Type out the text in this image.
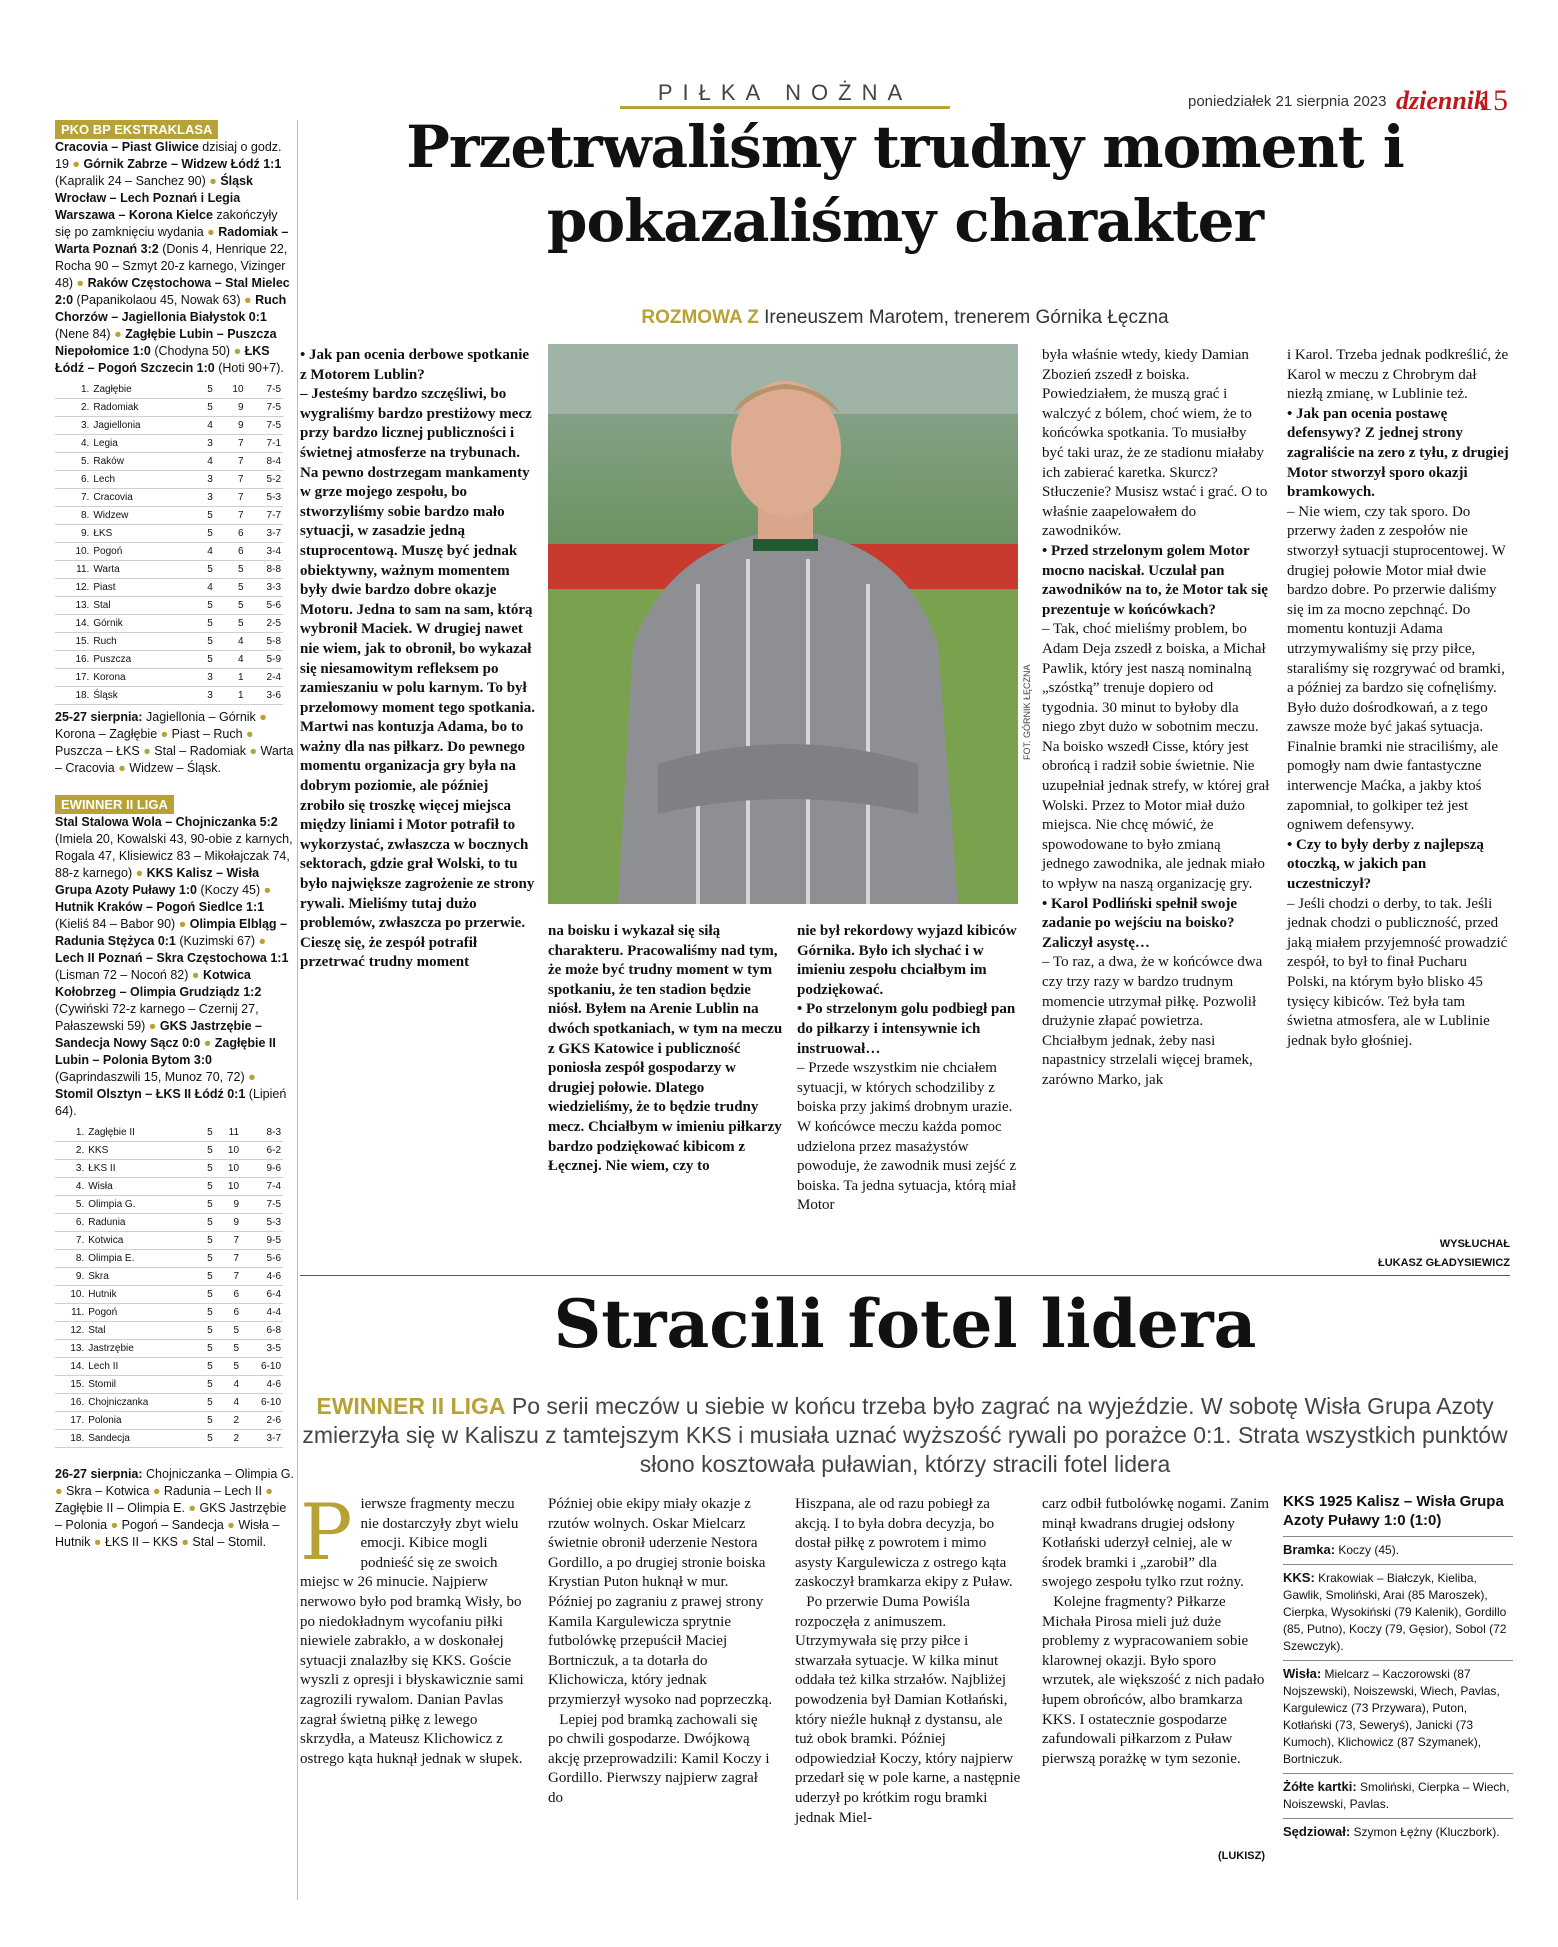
PIŁKA NOŻNA	poniedziałek 21 sierpnia 2023 dziennik
15
PKO BP EKSTRAKLASA
Cracovia – Piast Gliwice dzisiaj o godz. 19 ● Górnik Zabrze – Widzew Łódź 1:1 (Kapralik 24 – Sanchez 90) ● Śląsk Wrocław – Lech Poznań i Legia Warszawa – Korona Kielce zakończyły się po zamknięciu wydania ● Radomiak – Warta Poznań 3:2 (Donis 4, Henrique 22, Rocha 90 – Szmyt 20-z karnego, Vizinger 48) ● Raków Częstochowa – Stal Mielec 2:0 (Papanikolaou 45, Nowak 63) ● Ruch Chorzów – Jagiellonia Białystok 0:1 (Nene 84) ● Zagłębie Lubin – Puszcza Niepołomice 1:0 (Chodyna 50) ● ŁKS Łódź – Pogoń Szczecin 1:0 (Hoti 90+7).
1.	Zagłębie	5	10	7-5
2.	Radomiak	5	9	7-5
3.	Jagiellonia	4	9	7-5
4.	Legia	3	7	7-1
5.	Raków	4	7	8-4
6.	Lech	3	7	5-2
7.	Cracovia	3	7	5-3
8.	Widzew	5	7	7-7
9.	ŁKS	5	6	3-7
10.	Pogoń	4	6	3-4
11.	Warta	5	5	8-8
12.	Piast	4	5	3-3
13.	Stal	5	5	5-6
14.	Górnik	5	5	2-5
15.	Ruch	5	4	5-8
16.	Puszcza	5	4	5-9
17.	Korona	3	1	2-4
18.	Śląsk	3	1	3-6
25-27 sierpnia: Jagiellonia – Górnik ● Korona – Zagłębie ● Piast – Ruch ● Puszcza – ŁKS ● Stal – Radomiak ● Warta – Cracovia ● Widzew – Śląsk.
EWINNER II LIGA
Stal Stalowa Wola – Chojniczanka 5:2 (Imiela 20, Kowalski 43, 90-obie z karnych, Rogala 47, Klisiewicz 83 – Mikołajczak 74, 88-z karnego) ● KKS Kalisz – Wisła Grupa Azoty Puławy 1:0 (Koczy 45) ● Hutnik Kraków – Pogoń Siedlce 1:1 (Kieliś 84 – Babor 90) ● Olimpia Elbląg – Radunia Stężyca 0:1 (Kuzimski 67) ● Lech II Poznań – Skra Częstochowa 1:1 (Lisman 72 – Nocoń 82) ● Kotwica Kołobrzeg – Olimpia Grudziądz 1:2 (Cywiński 72-z karnego – Czernij 27, Pałaszewski 59) ● GKS Jastrzębie – Sandecja Nowy Sącz 0:0 ● Zagłębie II Lubin – Polonia Bytom 3:0 (Gaprindaszwili 15, Munoz 70, 72) ● Stomil Olsztyn – ŁKS II Łódź 0:1 (Lipień 64).
1.	Zagłębie II	5	11	8-3
2.	KKS	5	10	6-2
3.	ŁKS II	5	10	9-6
4.	Wisła	5	10	7-4
5.	Olimpia G.	5	9	7-5
6.	Radunia	5	9	5-3
7.	Kotwica	5	7	9-5
8.	Olimpia E.	5	7	5-6
9.	Skra	5	7	4-6
10.	Hutnik	5	6	6-4
11.	Pogoń	5	6	4-4
12.	Stal	5	5	6-8
13.	Jastrzębie	5	5	3-5
14.	Lech II	5	5	6-10
15.	Stomil	5	4	4-6
16.	Chojniczanka	5	4	6-10
17.	Polonia	5	2	2-6
18.	Sandecja	5	2	3-7
26-27 sierpnia: Chojniczanka – Olimpia G. ● Skra – Kotwica ● Radunia – Lech II ● Zagłębie II – Olimpia E. ● GKS Jastrzębie – Polonia ● Pogoń – Sandecja ● Wisła – Hutnik ● ŁKS II – KKS ● Stal – Stomil.
Przetrwaliśmy trudny moment i pokazaliśmy charakter
ROZMOWA Z Ireneuszem Marotem, trenerem Górnika Łęczna
• Jak pan ocenia derbowe spotkanie z Motorem Lublin?
– Jesteśmy bardzo szczęśliwi, bo wygraliśmy bardzo prestiżowy mecz przy bardzo licznej publiczności i świetnej atmosferze na trybunach. Na pewno dostrzegam mankamenty w grze mojego zespołu, bo stworzyliśmy sobie bardzo mało sytuacji, w zasadzie jedną stuprocentową. Muszę być jednak obiektywny, ważnym momentem były dwie bardzo dobre okazje Motoru. Jedna to sam na sam, którą wybronił Maciek. W drugiej nawet nie wiem, jak to obronił, bo wykazał się niesamowitym refleksem po zamieszaniu w polu karnym. To był przełomowy moment tego spotkania. Martwi nas kontuzja Adama, bo to ważny dla nas piłkarz. Do pewnego momentu organizacja gry była na dobrym poziomie, ale później zrobiło się troszkę więcej miejsca między liniami i Motor potrafił to wykorzystać, zwłaszcza w bocznych sektorach, gdzie grał Wolski, to tu było największe zagrożenie ze strony rywali. Mieliśmy tutaj dużo problemów, zwłaszcza po przerwie. Cieszę się, że zespół potrafił przetrwać trudny moment
FOT. GÓRNIK ŁĘCZNA
na boisku i wykazał się siłą charakteru. Pracowaliśmy nad tym, że może być trudny moment w tym spotkaniu, że ten stadion będzie niósł. Byłem na Arenie Lublin na dwóch spotkaniach, w tym na meczu z GKS Katowice i publiczność poniosła zespół gospodarzy w drugiej połowie. Dlatego wiedzieliśmy, że to będzie trudny mecz. Chciałbym w imieniu piłkarzy bardzo podziękować kibicom z Łęcznej. Nie wiem, czy to
nie był rekordowy wyjazd kibiców Górnika. Było ich słychać i w imieniu zespołu chciałbym im podziękować.
• Po strzelonym golu podbiegł pan do piłkarzy i intensywnie ich instruował…
– Przede wszystkim nie chciałem sytuacji, w których schodziliby z boiska przy jakimś drobnym urazie. W końcówce meczu każda pomoc udzielona przez masażystów powoduje, że zawodnik musi zejść z boiska. Ta jedna sytuacja, którą miał Motor
była właśnie wtedy, kiedy Damian Zbozień zszedł z boiska. Powiedziałem, że muszą grać i walczyć z bólem, choć wiem, że to końcówka spotkania. To musiałby być taki uraz, że ze stadionu miałaby ich zabierać karetka. Skurcz? Stłuczenie? Musisz wstać i grać. O to właśnie zaapelowałem do zawodników.
• Przed strzelonym golem Motor mocno naciskał. Uczulał pan zawodników na to, że Motor tak się prezentuje w końcówkach?
– Tak, choć mieliśmy problem, bo Adam Deja zszedł z boiska, a Michał Pawlik, który jest naszą nominalną „szóstką” trenuje dopiero od tygodnia. 30 minut to byłoby dla niego zbyt dużo w sobotnim meczu. Na boisko wszedł Cisse, który jest obrońcą i radził sobie świetnie. Nie uzupełniał jednak strefy, w której grał Wolski. Przez to Motor miał dużo miejsca. Nie chcę mówić, że spowodowane to było zmianą jednego zawodnika, ale jednak miało to wpływ na naszą organizację gry.
• Karol Podliński spełnił swoje zadanie po wejściu na boisko? Zaliczył asystę…
– To raz, a dwa, że w końcówce dwa czy trzy razy w bardzo trudnym momencie utrzymał piłkę. Pozwolił drużynie złapać powietrza. Chciałbym jednak, żeby nasi napastnicy strzelali więcej bramek, zarówno Marko, jak
i Karol. Trzeba jednak podkreślić, że Karol w meczu z Chrobrym dał niezłą zmianę, w Lublinie też.
• Jak pan ocenia postawę defensywy? Z jednej strony zagraliście na zero z tyłu, z drugiej Motor stworzył sporo okazji bramkowych.
– Nie wiem, czy tak sporo. Do przerwy żaden z zespołów nie stworzył sytuacji stuprocentowej. W drugiej połowie Motor miał dwie bardzo dobre. Po przerwie daliśmy się im za mocno zepchnąć. Do momentu kontuzji Adama utrzymywaliśmy się przy piłce, staraliśmy się rozgrywać od bramki, a później za bardzo się cofnęliśmy. Było dużo dośrodkowań, a z tego zawsze może być jakaś sytuacja. Finalnie bramki nie straciliśmy, ale pomogły nam dwie fantastyczne interwencje Maćka, a jakby ktoś zapomniał, to golkiper też jest ogniwem defensywy.
• Czy to były derby z najlepszą otoczką, w jakich pan uczestniczył?
– Jeśli chodzi o derby, to tak. Jeśli jednak chodzi o publiczność, przed jaką miałem przyjemność prowadzić zespół, to był to finał Pucharu Polski, na którym było blisko 45 tysięcy kibiców. Też była tam świetna atmosfera, ale w Lublinie jednak było głośniej.
WYSŁUCHAŁ
ŁUKASZ GŁADYSIEWICZ
Stracili fotel lidera
EWINNER II LIGA Po serii meczów u siebie w końcu trzeba było zagrać na wyjeździe. W sobotę Wisła Grupa Azoty zmierzyła się w Kaliszu z tamtejszym KKS i musiała uznać wyższość rywali po porażce 0:1. Strata wszystkich punktów słono kosztowała puławian, którzy stracili fotel lidera
P ierwsze fragmenty meczu nie dostarczyły zbyt wielu emocji. Kibice mogli podnieść się ze swoich miejsc w 26 minucie. Najpierw nerwowo było pod bramką Wisły, bo po niedokładnym wycofaniu piłki niewiele zabrakło, a w doskonałej sytuacji znalazłby się KKS. Goście wyszli z opresji i błyskawicznie sami zagrozili rywalom. Danian Pavlas zagrał świetną piłkę z lewego skrzydła, a Mateusz Klichowicz z ostrego kąta huknął jednak w słupek.
Później obie ekipy miały okazje z rzutów wolnych. Oskar Mielcarz świetnie obronił uderzenie Nestora Gordillo, a po drugiej stronie boiska Krystian Puton huknął w mur. Później po zagraniu z prawej strony Kamila Kargulewicza sprytnie futbolówkę przepuścił Maciej Bortniczuk, a ta dotarła do Klichowicza, który jednak przymierzył wysoko nad poprzeczką.
Lepiej pod bramką zachowali się po chwili gospodarze. Dwójkową akcję przeprowadzili: Kamil Koczy i Gordillo. Pierwszy najpierw zagrał do
Hiszpana, ale od razu pobiegł za akcją. I to była dobra decyzja, bo dostał piłkę z powrotem i mimo asysty Kargulewicza z ostrego kąta zaskoczył bramkarza ekipy z Puław.
Po przerwie Duma Powiśla rozpoczęła z animuszem. Utrzymywała się przy piłce i stwarzała sytuacje. W kilka minut oddała też kilka strzałów. Najbliżej powodzenia był Damian Kotłański, który nieźle huknął z dystansu, ale tuż obok bramki. Później odpowiedział Koczy, który najpierw przedarł się w pole karne, a następnie uderzył po krótkim rogu bramki jednak Miel-
carz odbił futbolówkę nogami. Zanim minął kwadrans drugiej odsłony Kotłański uderzył celniej, ale w środek bramki i „zarobił” dla swojego zespołu tylko rzut rożny.
Kolejne fragmenty? Piłkarze Michała Pirosa mieli już duże problemy z wypracowaniem sobie klarownej okazji. Było sporo wrzutek, ale większość z nich padało łupem obrońców, albo bramkarza KKS. I ostatecznie gospodarze zafundowali piłkarzom z Puław pierwszą porażkę w tym sezonie.
(LUKISZ)
KKS 1925 Kalisz – Wisła Grupa Azoty Puławy 1:0 (1:0)
Bramka: Koczy (45).
KKS: Krakowiak – Białczyk, Kieliba, Gawlik, Smoliński, Arai (85 Maroszek), Cierpka, Wysokiński (79 Kalenik), Gordillo (85, Putno), Koczy (79, Gęsior), Sobol (72 Szewczyk).
Wisła: Mielcarz – Kaczorowski (87 Nojszewski), Noiszewski, Wiech, Pavlas, Kargulewicz (73 Przywara), Puton, Kotłański (73, Seweryś), Janicki (73 Kumoch), Klichowicz (87 Szymanek), Bortniczuk.
Żółte kartki: Smoliński, Cierpka – Wiech, Noiszewski, Pavlas.
Sędziował: Szymon Łężny (Kluczbork).
